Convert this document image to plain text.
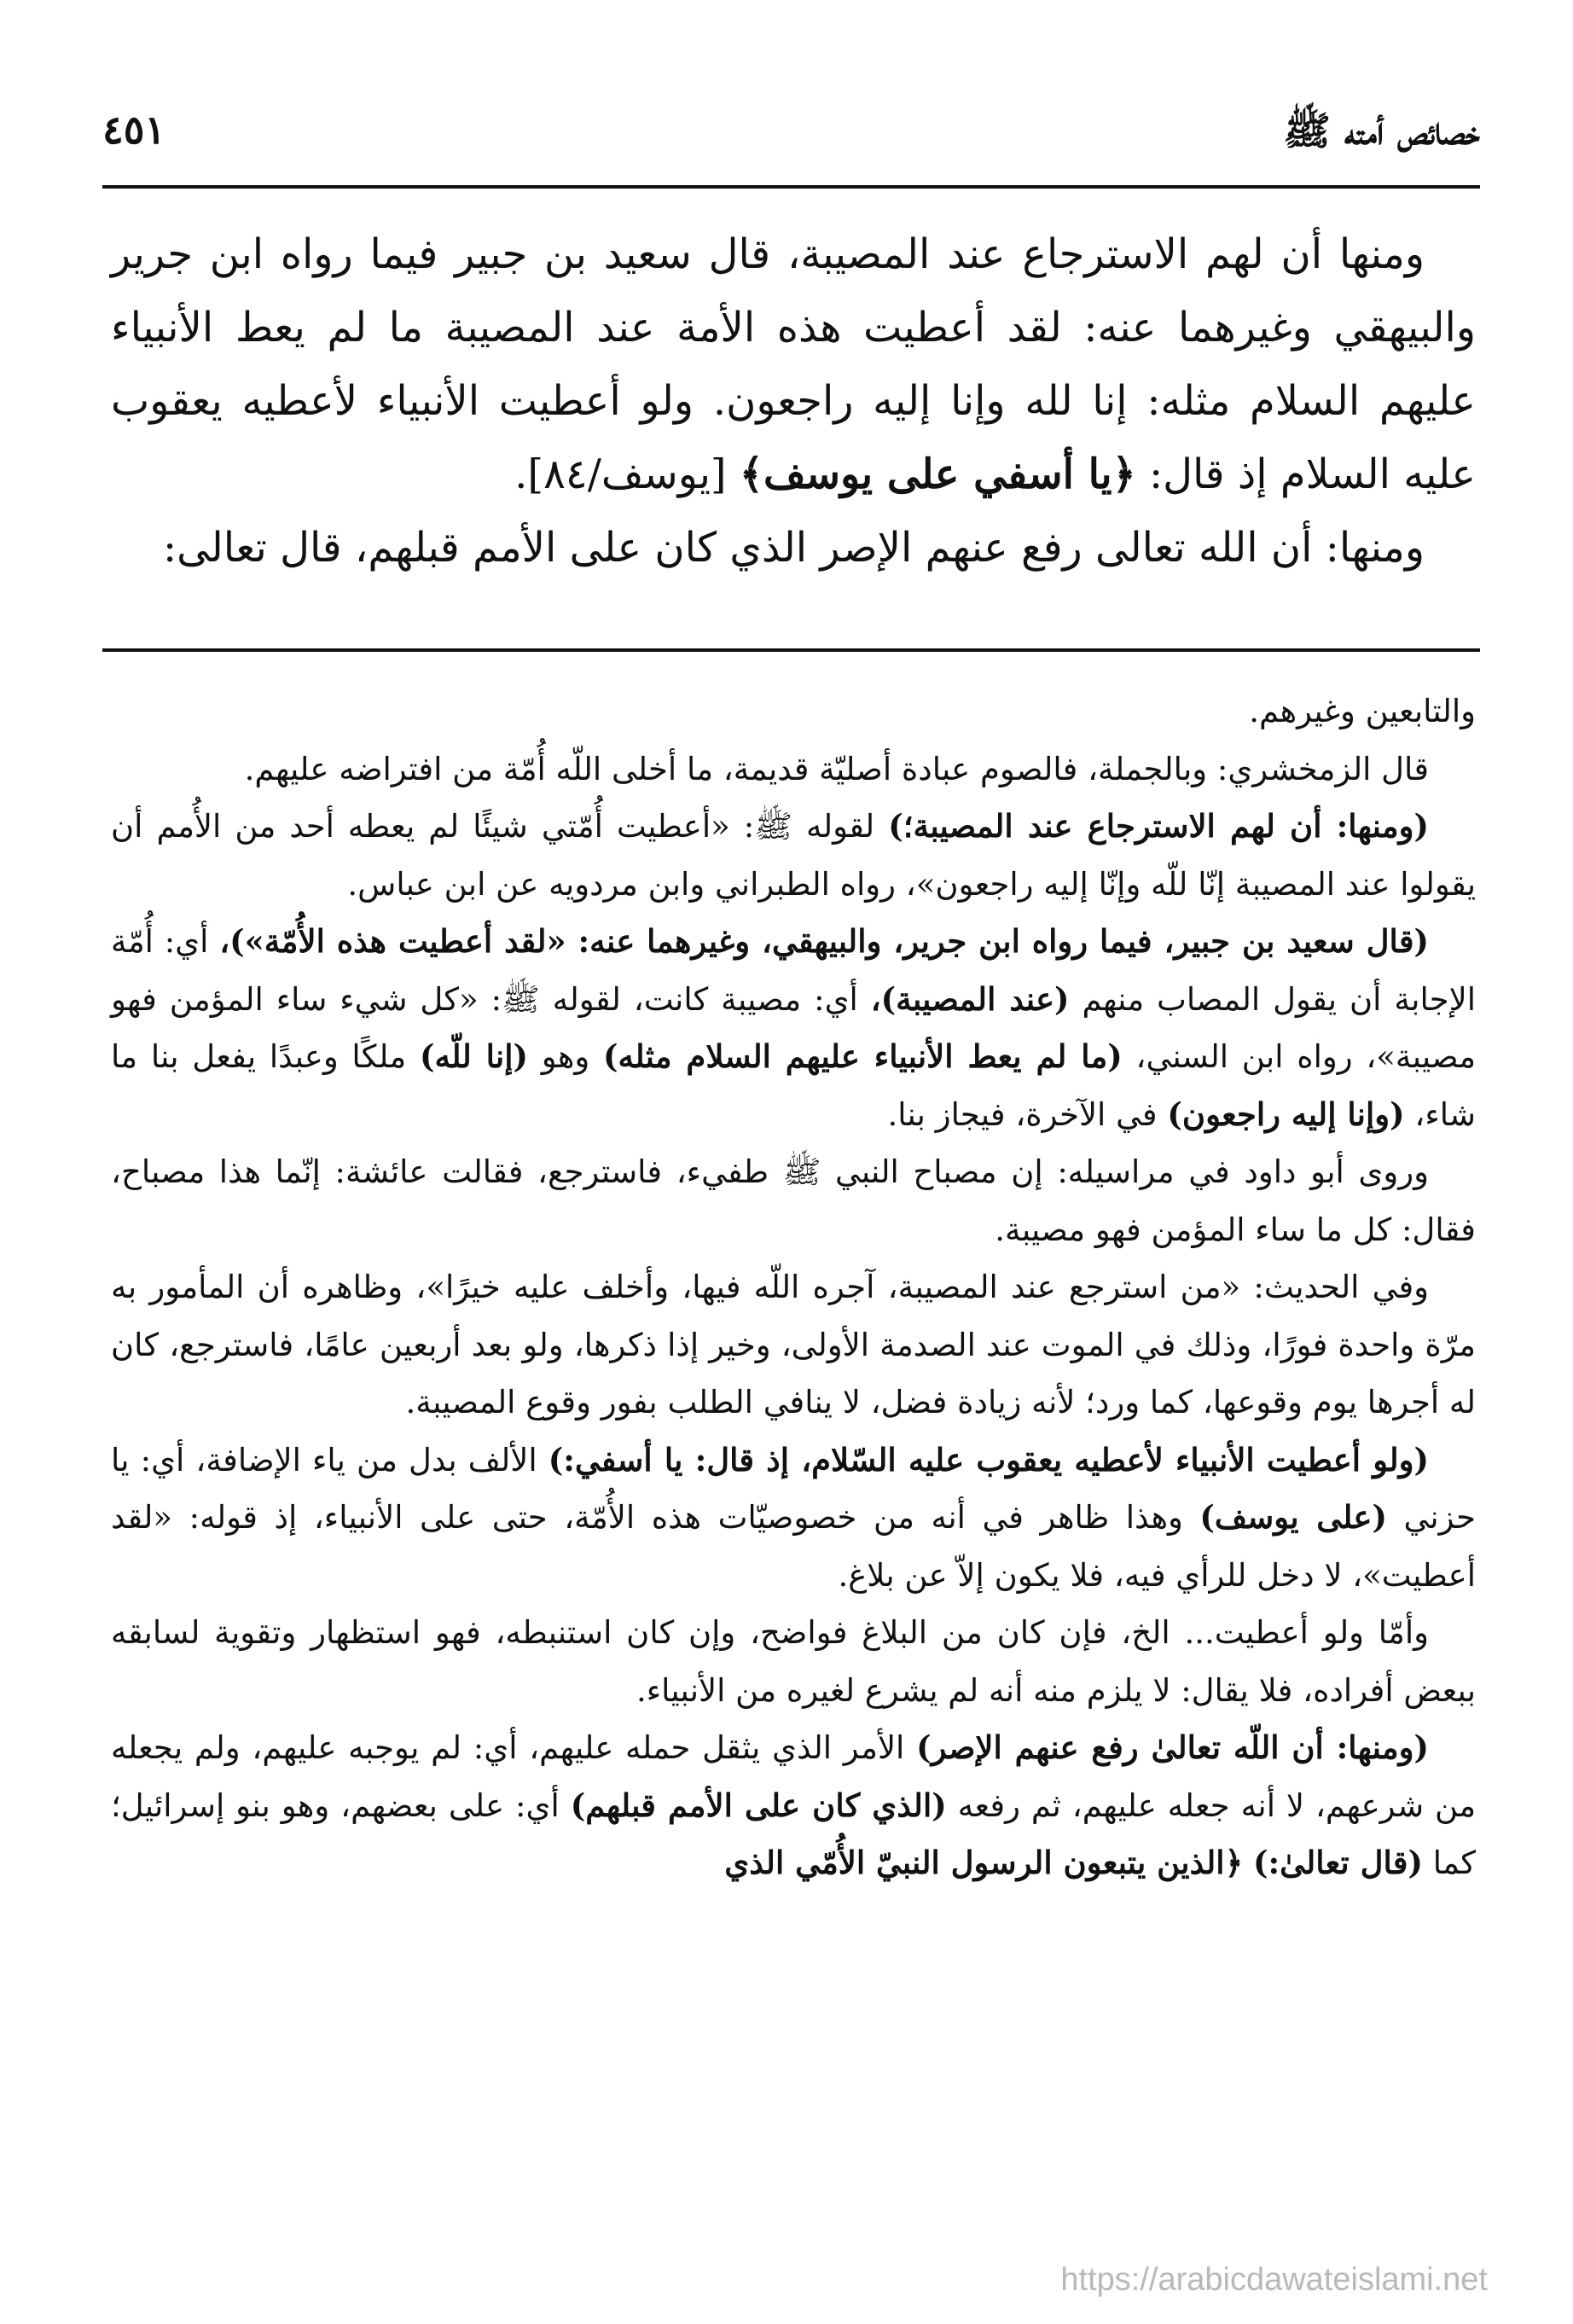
خصائص أمته ﷺ
٤٥١

ومنها أن لهم الاسترجاع عند المصيبة، قال سعيد بن جبير فيما رواه ابن جرير والبيهقي وغيرهما عنه: لقد أعطيت هذه الأمة عند المصيبة ما لم يعط الأنبياء عليهم السلام مثله: إنا لله وإنا إليه راجعون. ولو أعطيت الأنبياء لأعطيه يعقوب عليه السلام إذ قال: ﴿يا أسفي على يوسف﴾ [يوسف/٨٤].

ومنها: أن الله تعالى رفع عنهم الإصر الذي كان على الأمم قبلهم، قال تعالى:

والتابعين وغيرهم.

قال الزمخشري: وبالجملة، فالصوم عبادة أصليّة قديمة، ما أخلى اللّه أُمّة من افتراضه عليهم.

(ومنها: أن لهم الاسترجاع عند المصيبة؛) لقوله ﷺ: «أعطيت أُمّتي شيئًا لم يعطه أحد من الأُمم أن يقولوا عند المصيبة إنّا للّه وإنّا إليه راجعون»، رواه الطبراني وابن مردويه عن ابن عباس.

(قال سعيد بن جبير، فيما رواه ابن جرير، والبيهقي، وغيرهما عنه: «لقد أعطيت هذه الأُمّة»)، أي: أُمّة الإجابة أن يقول المصاب منهم (عند المصيبة)، أي: مصيبة كانت، لقوله ﷺ: «كل شيء ساء المؤمن فهو مصيبة»، رواه ابن السني، (ما لم يعط الأنبياء عليهم السلام مثله) وهو (إنا للّه) ملكًا وعبدًا يفعل بنا ما شاء، (وإنا إليه راجعون) في الآخرة، فيجاز بنا.

وروى أبو داود في مراسيله: إن مصباح النبي ﷺ طفيء، فاسترجع، فقالت عائشة: إنّما هذا مصباح، فقال: كل ما ساء المؤمن فهو مصيبة.

وفي الحديث: «من استرجع عند المصيبة، آجره اللّه فيها، وأخلف عليه خيرًا»، وظاهره أن المأمور به مرّة واحدة فورًا، وذلك في الموت عند الصدمة الأولى، وخير إذا ذكرها، ولو بعد أربعين عامًا، فاسترجع، كان له أجرها يوم وقوعها، كما ورد؛ لأنه زيادة فضل، لا ينافي الطلب بفور وقوع المصيبة.

(ولو أعطيت الأنبياء لأعطيه يعقوب عليه السّلام، إذ قال: يا أسفي:) الألف بدل من ياء الإضافة، أي: يا حزني (على يوسف) وهذا ظاهر في أنه من خصوصيّات هذه الأُمّة، حتى على الأنبياء، إذ قوله: «لقد أعطيت»، لا دخل للرأي فيه، فلا يكون إلاّ عن بلاغ.

وأمّا ولو أعطيت... الخ، فإن كان من البلاغ فواضح، وإن كان استنبطه، فهو استظهار وتقوية لسابقه ببعض أفراده، فلا يقال: لا يلزم منه أنه لم يشرع لغيره من الأنبياء.

(ومنها: أن اللّه تعالىٰ رفع عنهم الإصر) الأمر الذي يثقل حمله عليهم، أي: لم يوجبه عليهم، ولم يجعله من شرعهم، لا أنه جعله عليهم، ثم رفعه (الذي كان على الأمم قبلهم) أي: على بعضهم، وهو بنو إسرائيل؛ كما (قال تعالىٰ:) ﴿الذين يتبعون الرسول النبيّ الأُمّي الذي

https://arabicdawateislami.net
